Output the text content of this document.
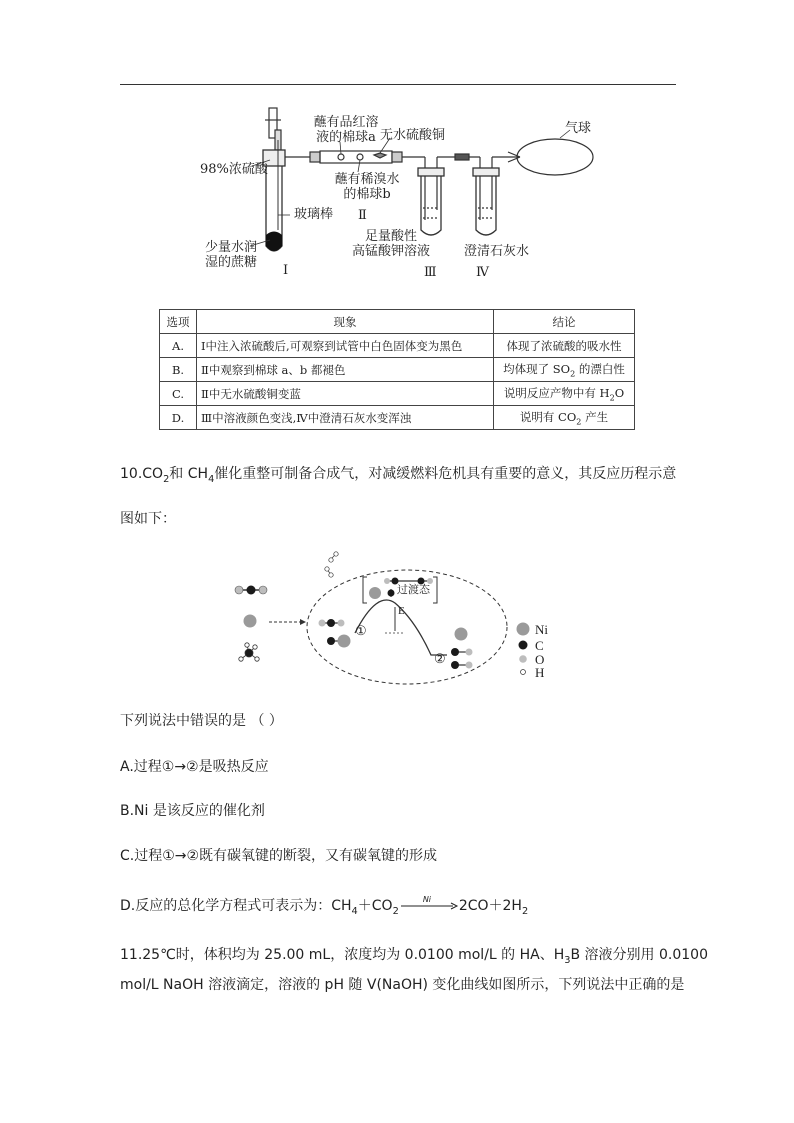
98%浓硫酸
蘸有品红溶
液的棉球a 无水硫酸铜	气球
蘸有稀溴水
的棉球b
玻璃棒 Ⅱ
少量水润
湿的蔗糖
Ⅰ
足量酸性
高锰酸钾溶液
Ⅲ
澄清石灰水
Ⅳ
选项	现象	结论
A.	Ⅰ中注入浓硫酸后,可观察到试管中白色固体变为黑色	体现了浓硫酸的吸水性
B.	Ⅱ中观察到棉球 a、b 都褪色	均体现了 $SO_2$ 的漂白性
C.	Ⅱ中无水硫酸铜变蓝	说明反应产物中有 $H_2O$
D.	Ⅲ中溶液颜色变浅,Ⅳ中澄清石灰水变浑浊	说明有 $CO_2$ 产生
$10.CO_2$和 $CH_4$催化重整可制备合成气，对减缓燃料危机具有重要的意义，其反应历程示意
图如下：
过渡态
E
①
②
Ni
C
O
H
下列说法中错误的是 （ ）
A.过程①→②是吸热反应
B.Ni 是该反应的催化剂
C.过程①→②既有碳氧键的断裂，又有碳氧键的形成
D.反应的总化学方程式可表示为：$CH_4+CO_2$
Ni $2CO+2H_2$
11.25℃时，体积均为 25.00 mL，浓度均为 0.0100 mol/L 的 HA、$H_3B$ 溶液分别用 0.0100
mol/L NaOH 溶液滴定，溶液的 pH 随 V(NaOH) 变化曲线如图所示，下列说法中正确的是
